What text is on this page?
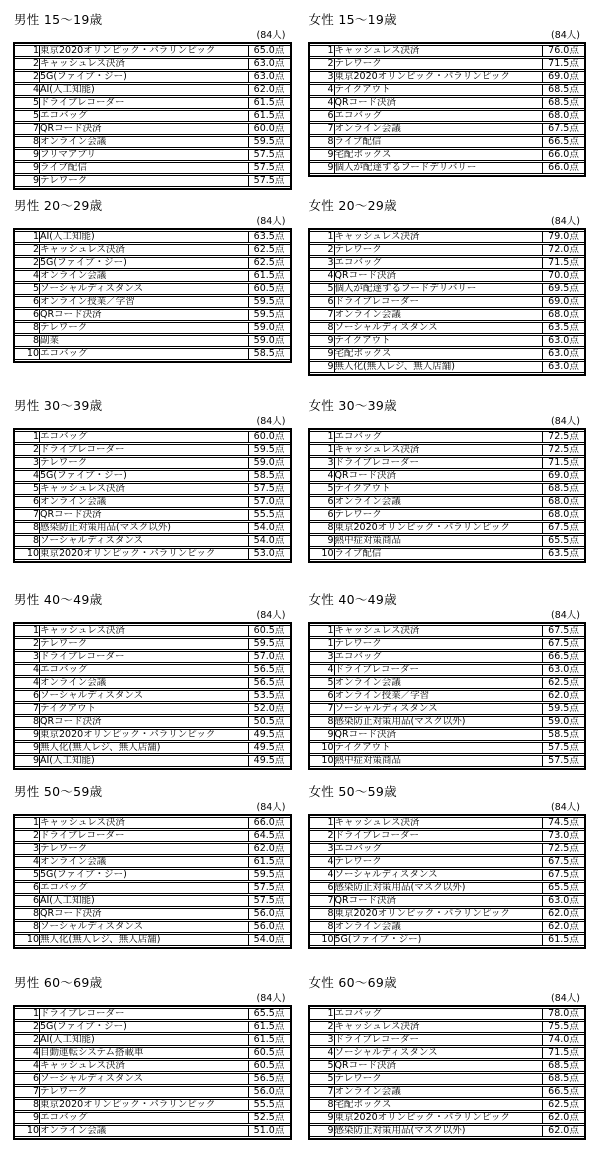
男性 15〜19歳
(84人)
1	東京2020オリンピック・パラリンピック	65.0点
2	キャッシュレス決済	63.0点
2	5G(ファイブ・ジー)	63.0点
4	AI(人工知能)	62.0点
5	ドライブレコーダー	61.5点
5	エコバッグ	61.5点
7	QRコード決済	60.0点
8	オンライン会議	59.5点
9	フリマアプリ	57.5点
9	ライブ配信	57.5点
9	テレワーク	57.5点
女性 15〜19歳
(84人)
1	キャッシュレス決済	76.0点
2	テレワーク	71.5点
3	東京2020オリンピック・パラリンピック	69.0点
4	テイクアウト	68.5点
4	QRコード決済	68.5点
6	エコバッグ	68.0点
7	オンライン会議	67.5点
8	ライブ配信	66.5点
9	宅配ボックス	66.0点
9	個人が配達するフードデリバリー	66.0点
男性 20〜29歳
(84人)
1	AI(人工知能)	63.5点
2	キャッシュレス決済	62.5点
2	5G(ファイブ・ジー)	62.5点
4	オンライン会議	61.5点
5	ソーシャルディスタンス	60.5点
6	オンライン授業／学習	59.5点
6	QRコード決済	59.5点
8	テレワーク	59.0点
8	副業	59.0点
10	エコバッグ	58.5点
女性 20〜29歳
(84人)
1	キャッシュレス決済	79.0点
2	テレワーク	72.0点
3	エコバッグ	71.5点
4	QRコード決済	70.0点
5	個人が配達するフードデリバリー	69.5点
6	ドライブレコーダー	69.0点
7	オンライン会議	68.0点
8	ソーシャルディスタンス	63.5点
9	テイクアウト	63.0点
9	宅配ボックス	63.0点
9	無人化(無人レジ、無人店舗)	63.0点
男性 30〜39歳
(84人)
1	エコバッグ	60.0点
2	ドライブレコーダー	59.5点
3	テレワーク	59.0点
4	5G(ファイブ・ジー)	58.5点
5	キャッシュレス決済	57.5点
6	オンライン会議	57.0点
7	QRコード決済	55.5点
8	感染防止対策用品(マスク以外)	54.0点
8	ソーシャルディスタンス	54.0点
10	東京2020オリンピック・パラリンピック	53.0点
女性 30〜39歳
(84人)
1	エコバッグ	72.5点
1	キャッシュレス決済	72.5点
3	ドライブレコーダー	71.5点
4	QRコード決済	69.0点
5	テイクアウト	68.5点
6	オンライン会議	68.0点
6	テレワーク	68.0点
8	東京2020オリンピック・パラリンピック	67.5点
9	熱中症対策商品	65.5点
10	ライブ配信	63.5点
男性 40〜49歳
(84人)
1	キャッシュレス決済	60.5点
2	テレワーク	59.5点
3	ドライブレコーダー	57.0点
4	エコバッグ	56.5点
4	オンライン会議	56.5点
6	ソーシャルディスタンス	53.5点
7	テイクアウト	52.0点
8	QRコード決済	50.5点
9	東京2020オリンピック・パラリンピック	49.5点
9	無人化(無人レジ、無人店舗)	49.5点
9	AI(人工知能)	49.5点
女性 40〜49歳
(84人)
1	キャッシュレス決済	67.5点
1	テレワーク	67.5点
3	エコバッグ	66.5点
4	ドライブレコーダー	63.0点
5	オンライン会議	62.5点
6	オンライン授業／学習	62.0点
7	ソーシャルディスタンス	59.5点
8	感染防止対策用品(マスク以外)	59.0点
9	QRコード決済	58.5点
10	テイクアウト	57.5点
10	熱中症対策商品	57.5点
男性 50〜59歳
(84人)
1	キャッシュレス決済	66.0点
2	ドライブレコーダー	64.5点
3	テレワーク	62.0点
4	オンライン会議	61.5点
5	5G(ファイブ・ジー)	59.5点
6	エコバッグ	57.5点
6	AI(人工知能)	57.5点
8	QRコード決済	56.0点
8	ソーシャルディスタンス	56.0点
10	無人化(無人レジ、無人店舗)	54.0点
女性 50〜59歳
(84人)
1	キャッシュレス決済	74.5点
2	ドライブレコーダー	73.0点
3	エコバッグ	72.5点
4	テレワーク	67.5点
4	ソーシャルディスタンス	67.5点
6	感染防止対策用品(マスク以外)	65.5点
7	QRコード決済	63.0点
8	東京2020オリンピック・パラリンピック	62.0点
8	オンライン会議	62.0点
10	5G(ファイブ・ジー)	61.5点
男性 60〜69歳
(84人)
1	ドライブレコーダー	65.5点
2	5G(ファイブ・ジー)	61.5点
2	AI(人工知能)	61.5点
4	自動運転システム搭載車	60.5点
4	キャッシュレス決済	60.5点
6	ソーシャルディスタンス	56.5点
7	テレワーク	56.0点
8	東京2020オリンピック・パラリンピック	55.5点
9	エコバッグ	52.5点
10	オンライン会議	51.0点
女性 60〜69歳
(84人)
1	エコバッグ	78.0点
2	キャッシュレス決済	75.5点
3	ドライブレコーダー	74.0点
4	ソーシャルディスタンス	71.5点
5	QRコード決済	68.5点
5	テレワーク	68.5点
7	オンライン会議	66.5点
8	宅配ボックス	62.5点
9	東京2020オリンピック・パラリンピック	62.0点
9	感染防止対策用品(マスク以外)	62.0点
